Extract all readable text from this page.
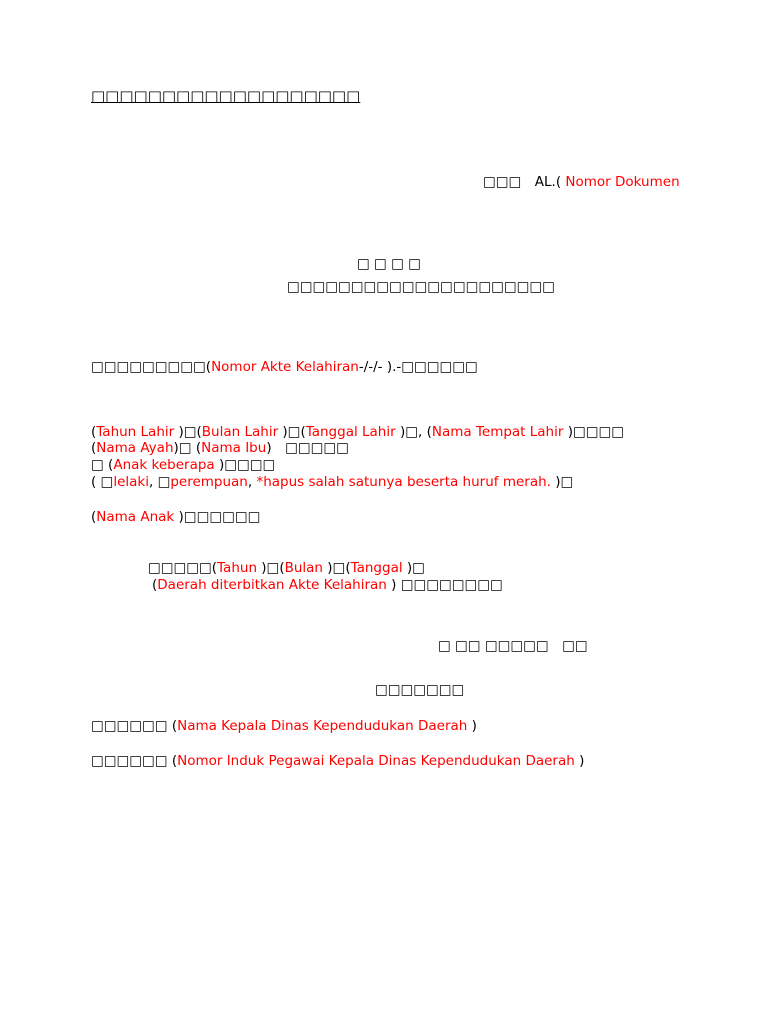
□□□□□□□□□□□□□□□□□□□
□□□　AL.( Nomor Dokumen
□ □ □ □
□□□□□□□□□□□□□□□□□□□□□
□□□□□□□□□(Nomor Akte Kelahiran-/-/- ).-□□□□□□
(Tahun Lahir )□(Bulan Lahir )□(Tanggal Lahir )□, (Nama Tempat Lahir )□□□□
(Nama Ayah)□ (Nama Ibu)　□□□□□
□ (Anak keberapa )□□□□
( □lelaki, □perempuan, *hapus salah satunya beserta huruf merah. )□
(Nama Anak )□□□□□□
□□□□□(Tahun )□(Bulan )□(Tanggal )□
(Daerah diterbitkan Akte Kelahiran ) □□□□□□□□
□ □□ □□□□□　□□
□□□□□□□
□□□□□□ (Nama Kepala Dinas Kependudukan Daerah )
□□□□□□ (Nomor Induk Pegawai Kepala Dinas Kependudukan Daerah )
